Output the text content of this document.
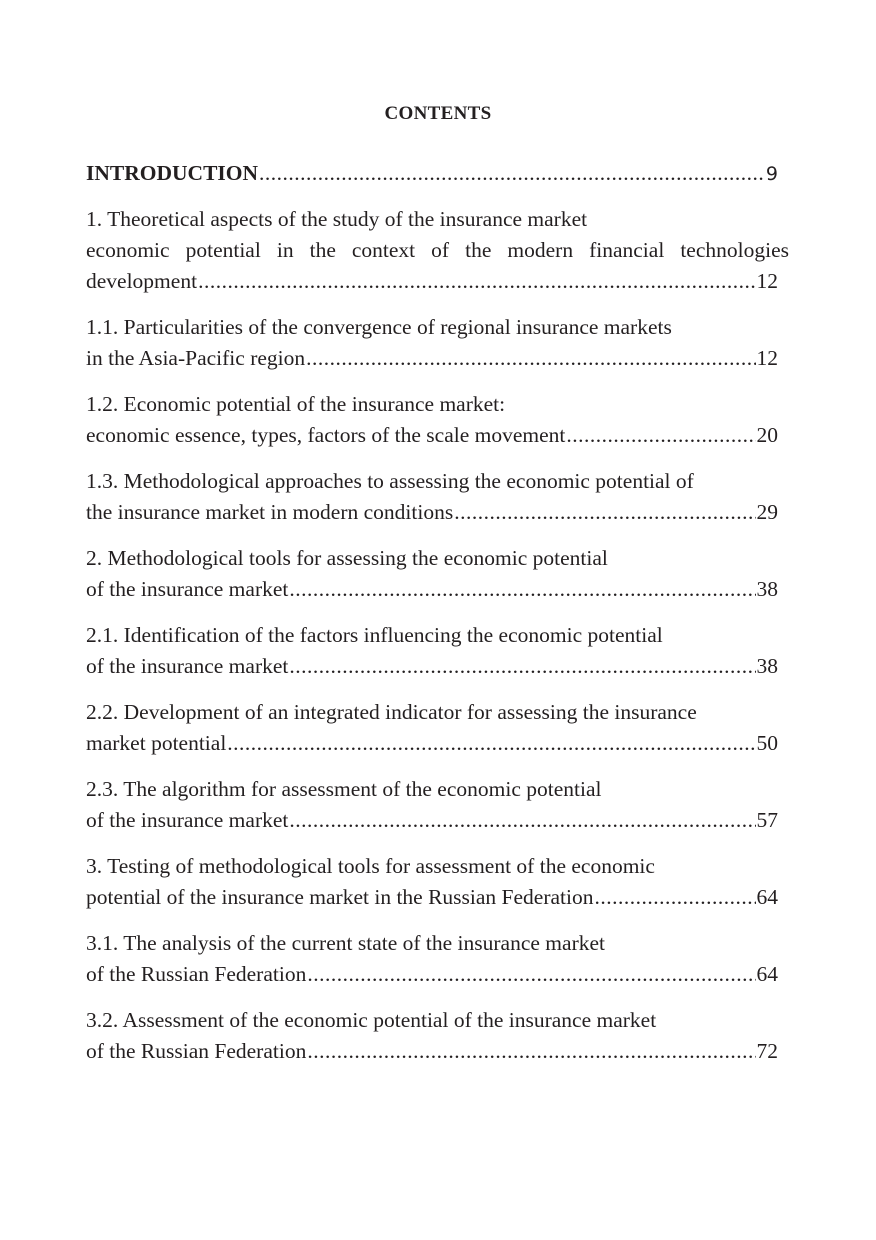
CONTENTS
INTRODUCTION .....	9
1. Theoretical aspects of the study of the insurance market
economic potential in the context of the modern financial technologies
development .....	12
1.1. Particularities of the convergence of regional insurance markets
in the Asia-Pacific region .....	12
1.2. Economic potential of the insurance market:
economic essence, types, factors of the scale movement .....	20
1.3. Methodological approaches to assessing the economic potential of
the insurance market in modern conditions .....	29
2. Methodological tools for assessing the economic potential
of the insurance market .....	38
2.1. Identification of the factors influencing the economic potential
of the insurance market .....	38
2.2. Development of an integrated indicator for assessing the insurance
market potential .....	50
2.3. The algorithm for assessment of the economic potential
of the insurance market .....	57
3. Testing of methodological tools for assessment of the economic
potential of the insurance market in the Russian Federation .....	64
3.1. The analysis of the current state of the insurance market
of the Russian Federation .....	64
3.2. Assessment of the economic potential of the insurance market
of the Russian Federation .....	72
